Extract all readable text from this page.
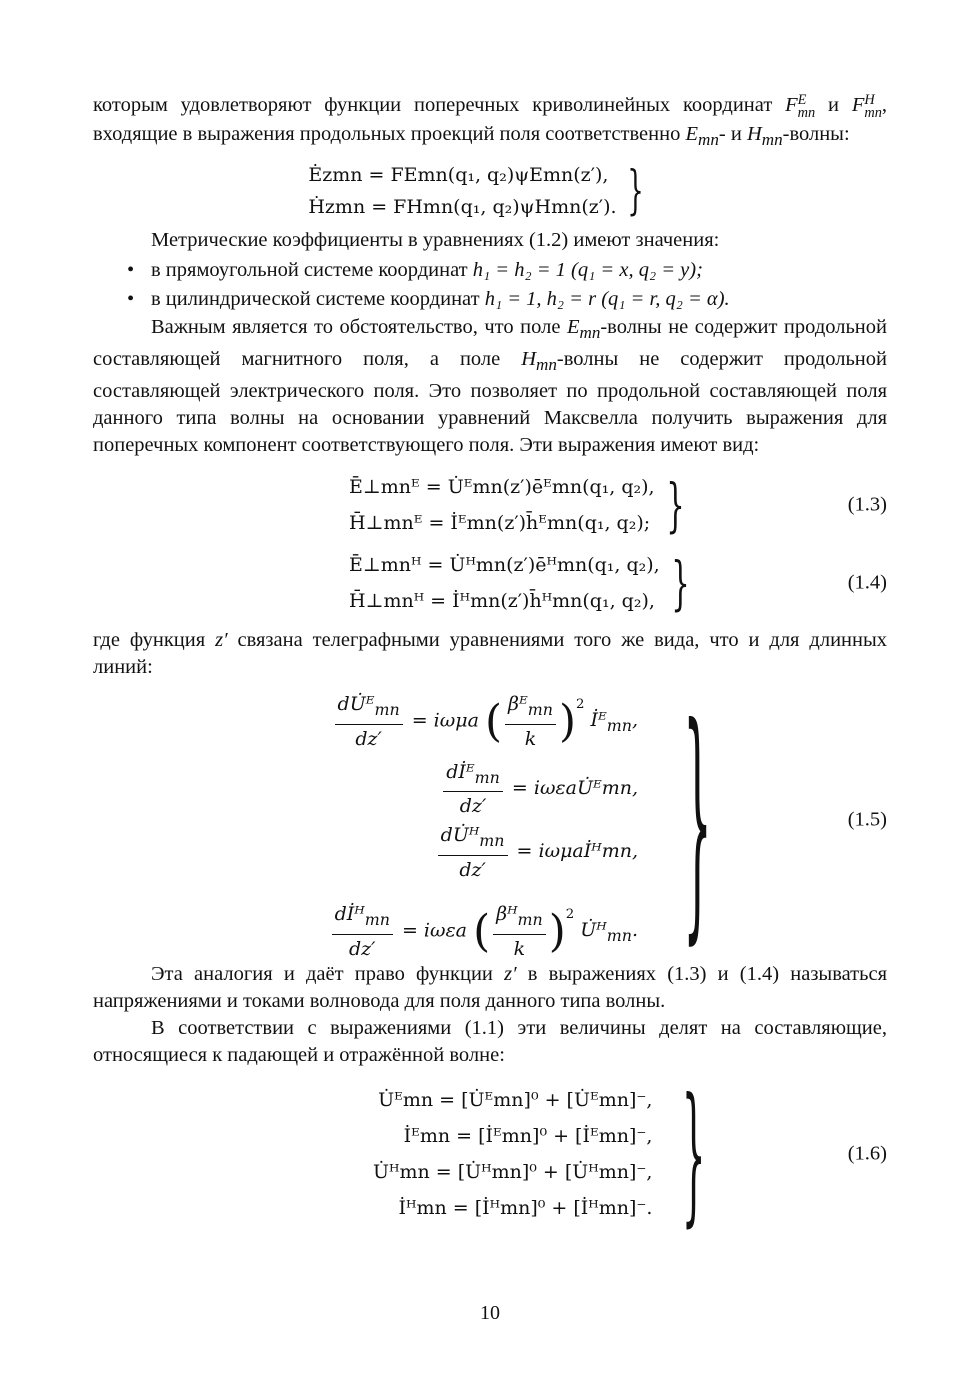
которым удовлетворяют функции поперечных криволинейных координат F E
mn и F H
mn , входящие в выражения продольных проекций поля соответственно $E_{mn}-$ и $H_{mn}$-волны:

Ėzmn = FEmn(q₁, q₂)ψEmn(z′),
Ḣzmn = FHmn(q₁, q₂)ψHmn(z′). }

Метрические коэффициенты в уравнениях (1.2) имеют значения:

• в прямоугольной системе координат h₁ = h₂ = 1 (q₁ = x, q₂ = y);
• в цилиндрической системе координат h₁ = 1, h₂ = r (q₁ = r, q₂ = α).

Важным является то обстоятельство, что поле $E_{mn}$-волны не содержит продольной составляющей магнитного поля, а поле $H_{mn}$-волны не содержит продольной составляющей электрического поля. Это позволяет по продольной составляющей поля данного типа волны на основании уравнений Максвелла получить выражения для поперечных компонент соответствующего поля. Эти выражения имеют вид:

Ē⊥mnᴱ = U̇ᴱmn(z′)ēᴱmn(q₁, q₂),
H̄⊥mnᴱ = İᴱmn(z′)h̄ᴱmn(q₁, q₂); }	(1.3)
Ē⊥mnᴴ = U̇ᴴmn(z′)ēᴴmn(q₁, q₂),
H̄⊥mnᴴ = İᴴmn(z′)h̄ᴴmn(q₁, q₂), }	(1.4)

где функция z′ связана телеграфными уравнениями того же вида, что и для длинных линий:

$\frac{dU̇ᴱ_{mn}}{dz'} = i\omega\mu a$ ( $\frac{\beta ᴱ_{mn}}{k} )^2$ İᴱ$_{mn}$,
$\frac{dİᴱ_{mn}}{dz'}$ = iωεaU̇ᴱmn,
$\frac{dU̇ᴴ_{mn}}{dz'}$ = iωμaİᴴmn,
$\frac{dİᴴ_{mn}}{dz'} = i\omega\varepsilon a$ ( $\frac{\beta ᴴ_{mn}}{k} )^2$ U̇ᴴ$_{mn}$. }	(1.5)

Эта аналогия и даёт право функции z′ в выражениях (1.3) и (1.4) называться напряжениями и токами волновода для поля данного типа волны.

В соответствии с выражениями (1.1) эти величины делят на составляющие, относящиеся к падающей и отражённой волне:

U̇ᴱmn = [U̇ᴱmn]⁰ + [U̇ᴱmn]⁻,
İᴱmn = [İᴱmn]⁰ + [İᴱmn]⁻,
U̇ᴴmn = [U̇ᴴmn]⁰ + [U̇ᴴmn]⁻,
İᴴmn = [İᴴmn]⁰ + [İᴴmn]⁻. }	(1.6)
10
